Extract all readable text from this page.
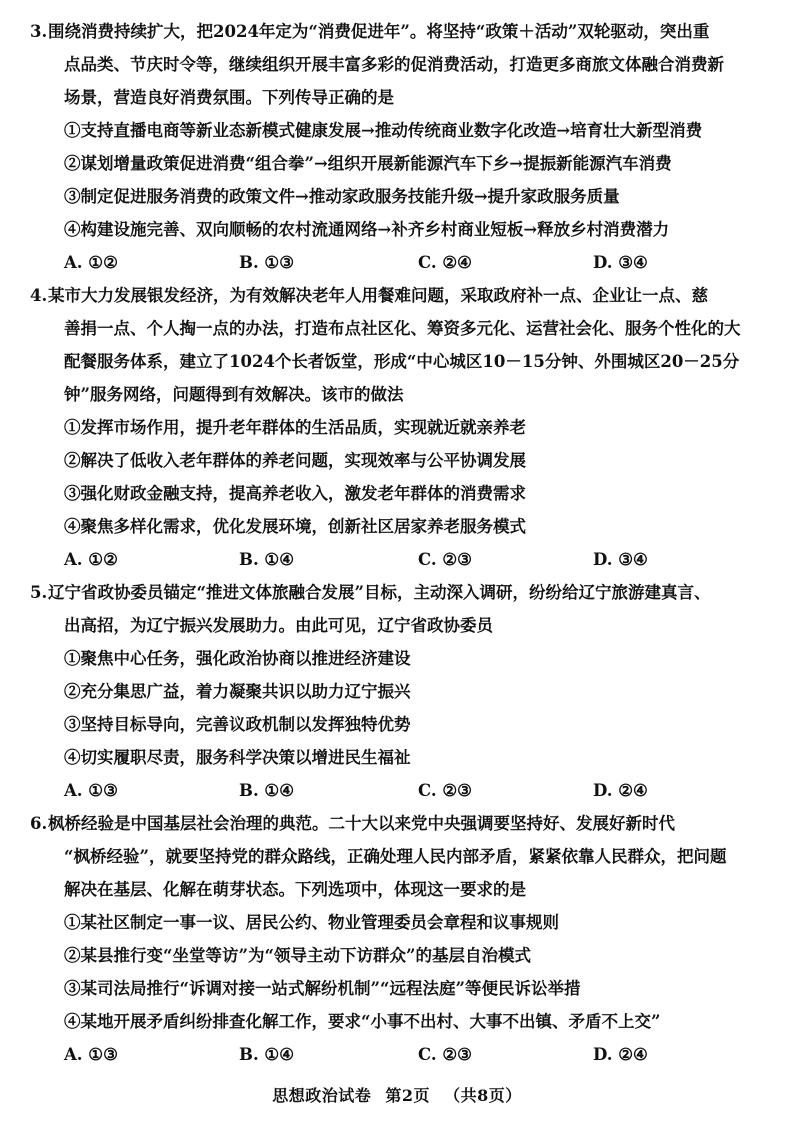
3. 围绕消费持续扩大，把2024年定为“消费促进年”。将坚持“政策＋活动”双轮驱动，突出重
点品类、节庆时令等，继续组织开展丰富多彩的促消费活动，打造更多商旅文体融合消费新
场景，营造良好消费氛围。下列传导正确的是
①支持直播电商等新业态新模式健康发展→推动传统商业数字化改造→培育壮大新型消费
②谋划增量政策促进消费“组合拳”→组织开展新能源汽车下乡→提振新能源汽车消费
③制定促进服务消费的政策文件→推动家政服务技能升级→提升家政服务质量
④构建设施完善、双向顺畅的农村流通网络→补齐乡村商业短板→释放乡村消费潜力
A. ①②	B. ①③	C. ②④	D. ③④
4. 某市大力发展银发经济，为有效解决老年人用餐难问题，采取政府补一点、企业让一点、慈
善捐一点、个人掏一点的办法，打造布点社区化、筹资多元化、运营社会化、服务个性化的大
配餐服务体系，建立了1024个长者饭堂，形成“中心城区10－15分钟、外围城区20－25分
钟”服务网络，问题得到有效解决。该市的做法
①发挥市场作用，提升老年群体的生活品质，实现就近就亲养老
②解决了低收入老年群体的养老问题，实现效率与公平协调发展
③强化财政金融支持，提高养老收入，激发老年群体的消费需求
④聚焦多样化需求，优化发展环境，创新社区居家养老服务模式
A. ①②	B. ①④	C. ②③	D. ③④
5. 辽宁省政协委员锚定“推进文体旅融合发展”目标，主动深入调研，纷纷给辽宁旅游建真言、
出高招，为辽宁振兴发展助力。由此可见，辽宁省政协委员
①聚焦中心任务，强化政治协商以推进经济建设
②充分集思广益，着力凝聚共识以助力辽宁振兴
③坚持目标导向，完善议政机制以发挥独特优势
④切实履职尽责，服务科学决策以增进民生福祉
A. ①③	B. ①④	C. ②③	D. ②④
6. 枫桥经验是中国基层社会治理的典范。二十大以来党中央强调要坚持好、发展好新时代
“枫桥经验”，就要坚持党的群众路线，正确处理人民内部矛盾，紧紧依靠人民群众，把问题
解决在基层、化解在萌芽状态。下列选项中，体现这一要求的是
①某社区制定一事一议、居民公约、物业管理委员会章程和议事规则
②某县推行变“坐堂等访”为“领导主动下访群众”的基层自治模式
③某司法局推行“诉调对接一站式解纷机制”“远程法庭”等便民诉讼举措
④某地开展矛盾纠纷排查化解工作，要求“小事不出村、大事不出镇、矛盾不上交”
A. ①③	B. ①④	C. ②③	D. ②④
思想政治试卷 第2页 （共8页）
